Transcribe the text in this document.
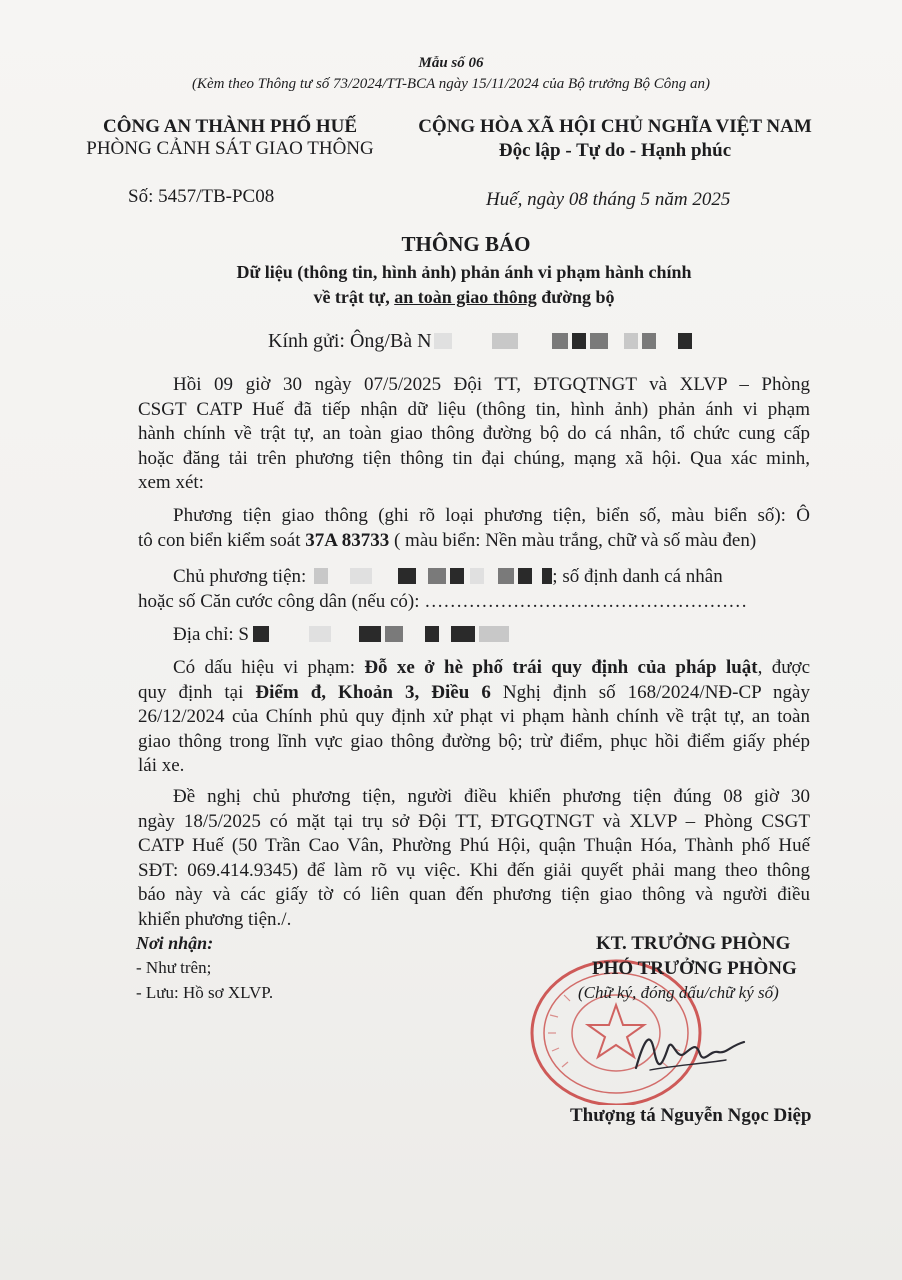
Mẫu số 06
(Kèm theo Thông tư số 73/2024/TT-BCA ngày 15/11/2024 của Bộ trưởng Bộ Công an)
CÔNG AN THÀNH PHỐ HUẾ
PHÒNG CẢNH SÁT GIAO THÔNG
CỘNG HÒA XÃ HỘI CHỦ NGHĨA VIỆT NAM
Độc lập - Tự do - Hạnh phúc
Số: 5457/TB-PC08	Huế, ngày 08 tháng 5 năm 2025
THÔNG BÁO
Dữ liệu (thông tin, hình ảnh) phản ánh vi phạm hành chính
về trật tự, an toàn giao thông đường bộ
Kính gửi: Ông/Bà N
Hồi 09 giờ 30 ngày 07/5/2025 Đội TT, ĐTGQTNGT và XLVP – Phòng
CSGT CATP Huế đã tiếp nhận dữ liệu (thông tin, hình ảnh) phản ánh vi phạm
hành chính về trật tự, an toàn giao thông đường bộ do cá nhân, tổ chức cung cấp
hoặc đăng tải trên phương tiện thông tin đại chúng, mạng xã hội. Qua xác minh,
xem xét:
Phương tiện giao thông (ghi rõ loại phương tiện, biển số, màu biển số): Ô
tô con biển kiểm soát 37A 83733 ( màu biển: Nền màu trắng, chữ và số màu đen)
Chủ phương tiện:	; số định danh cá nhân
hoặc số Căn cước công dân (nếu có): ……………………………………………
Địa chỉ: S
Có dấu hiệu vi phạm: Đỗ xe ở hè phố trái quy định của pháp luật, được
quy định tại Điểm đ, Khoản 3, Điều 6 Nghị định số 168/2024/NĐ-CP ngày
26/12/2024 của Chính phủ quy định xử phạt vi phạm hành chính về trật tự, an toàn
giao thông trong lĩnh vực giao thông đường bộ; trừ điểm, phục hồi điểm giấy phép
lái xe.
Đề nghị chủ phương tiện, người điều khiển phương tiện đúng 08 giờ 30
ngày 18/5/2025 có mặt tại trụ sở Đội TT, ĐTGQTNGT và XLVP – Phòng CSGT
CATP Huế (50 Trần Cao Vân, Phường Phú Hội, quận Thuận Hóa, Thành phố Huế
SĐT: 069.414.9345) để làm rõ vụ việc. Khi đến giải quyết phải mang theo thông
báo này và các giấy tờ có liên quan đến phương tiện giao thông và người điều
khiển phương tiện./.
Nơi nhận:
- Như trên;
- Lưu: Hồ sơ XLVP.
KT. TRƯỞNG PHÒNG
PHÓ TRƯỞNG PHÒNG
(Chữ ký, đóng dấu/chữ ký số)
Thượng tá Nguyễn Ngọc Diệp
